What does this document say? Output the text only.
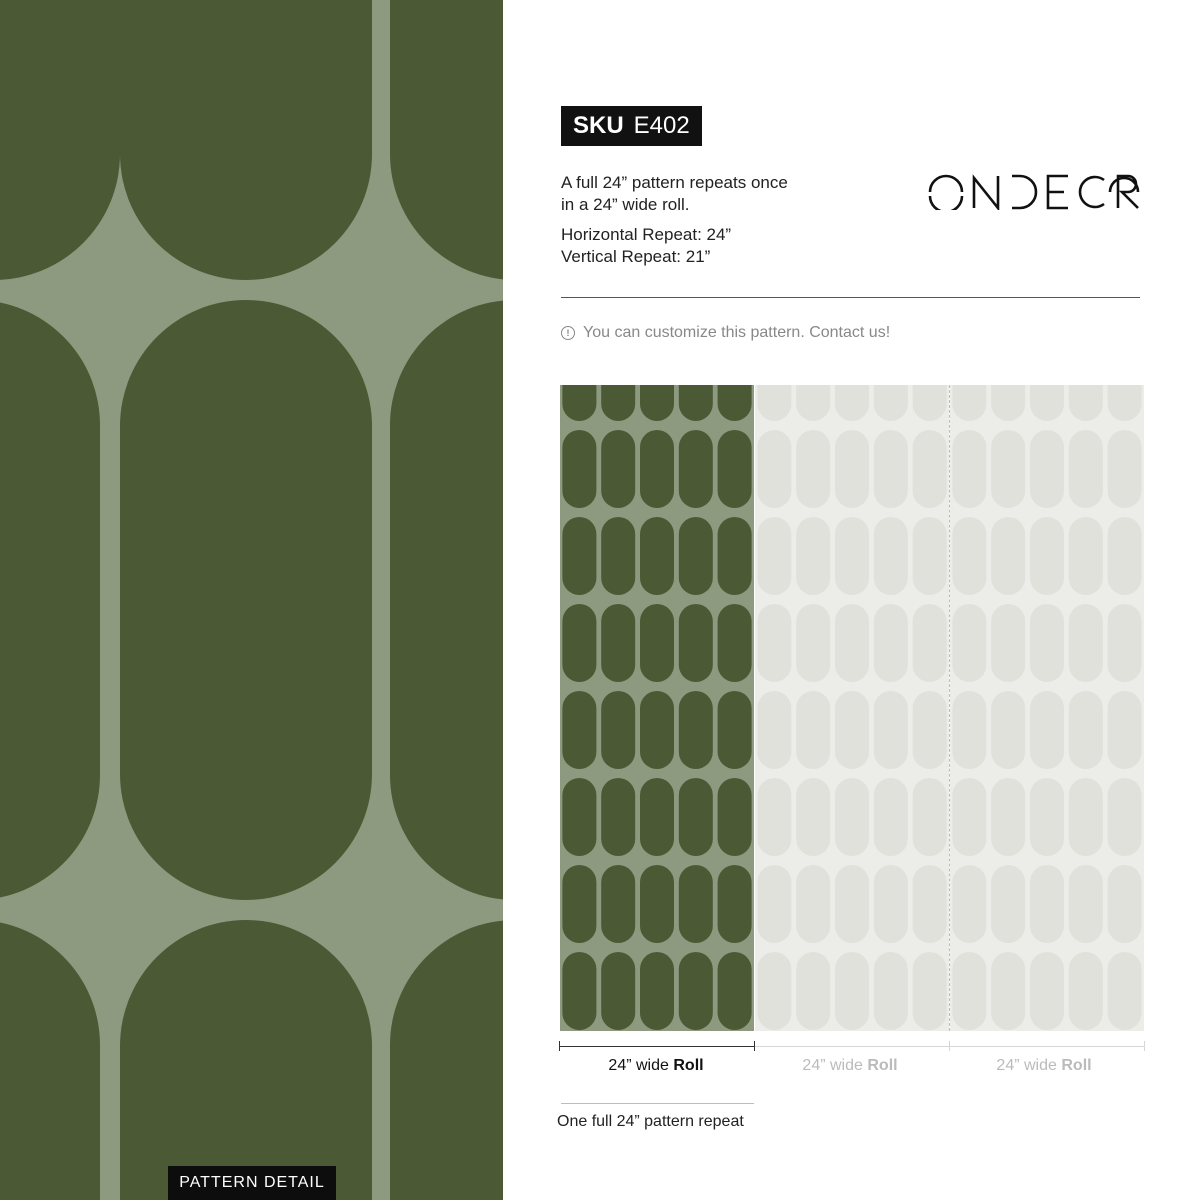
PATTERN DETAIL
SKU E402

A full 24” pattern repeats once

in a 24” wide roll.

Horizontal Repeat: 24”

Vertical Repeat: 21”

! You can customize this pattern. Contact us!
24” wide Roll	24” wide Roll	24” wide Roll
One full 24” pattern repeat
